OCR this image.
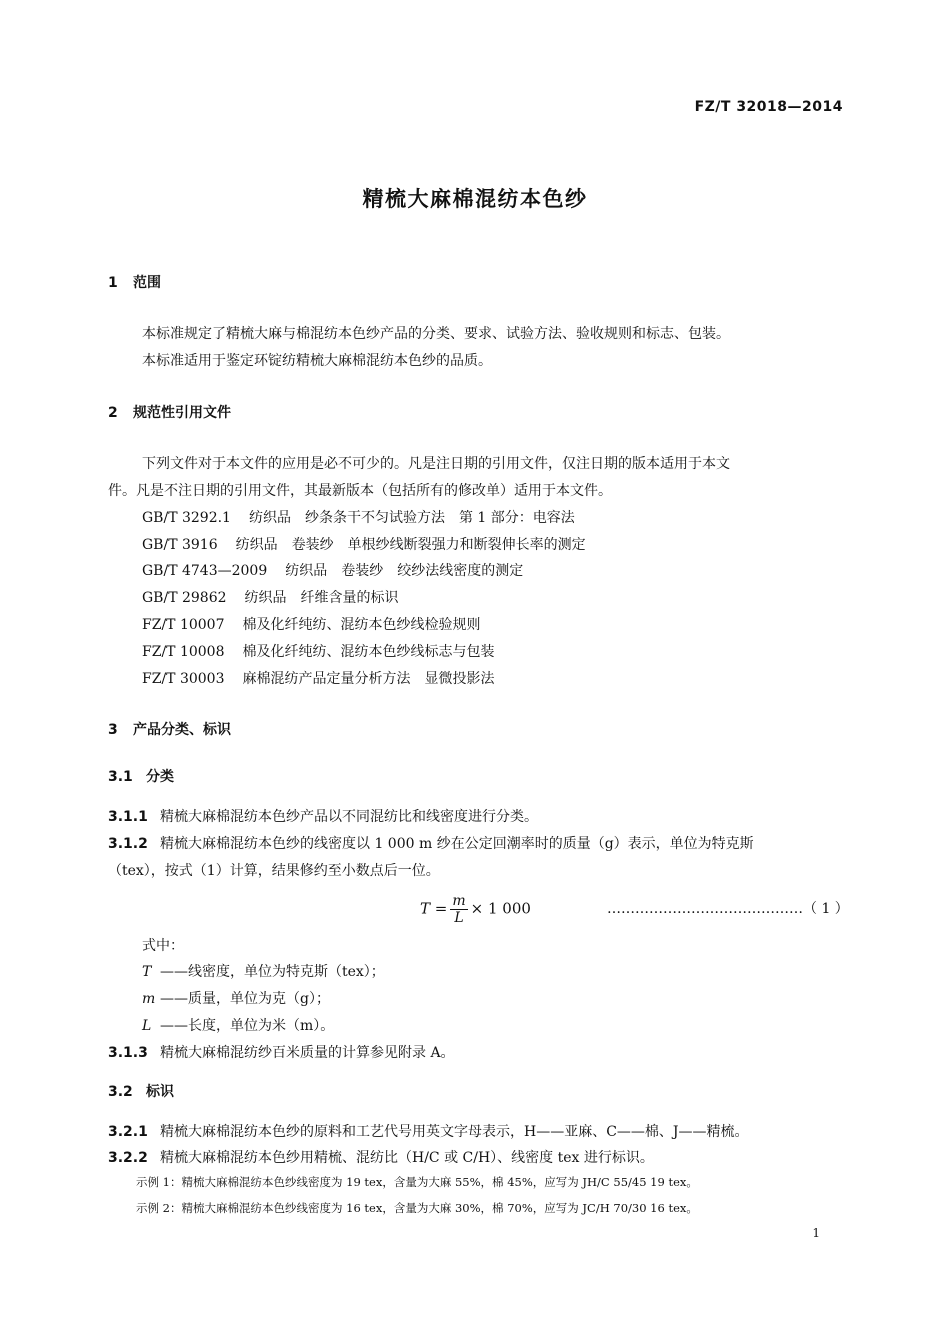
FZ/T 32018—2014
精梳大麻棉混纺本色纱
1 范围
本标准规定了精梳大麻与棉混纺本色纱产品的分类、要求、试验方法、验收规则和标志、包装。
本标准适用于鉴定环锭纺精梳大麻棉混纺本色纱的品质。
2 规范性引用文件
下列文件对于本文件的应用是必不可少的。凡是注日期的引用文件，仅注日期的版本适用于本文
件。凡是不注日期的引用文件，其最新版本（包括所有的修改单）适用于本文件。
GB/T 3292.1 纺织品　纱条条干不匀试验方法　第 1 部分：电容法
GB/T 3916 纺织品　卷装纱　单根纱线断裂强力和断裂伸长率的测定
GB/T 4743—2009 纺织品　卷装纱　绞纱法线密度的测定
GB/T 29862 纺织品　纤维含量的标识
FZ/T 10007 棉及化纤纯纺、混纺本色纱线检验规则
FZ/T 10008 棉及化纤纯纺、混纺本色纱线标志与包装
FZ/T 30003 麻棉混纺产品定量分析方法　显微投影法
3 产品分类、标识
3.1 分类
3.1.1 精梳大麻棉混纺本色纱产品以不同混纺比和线密度进行分类。
3.1.2 精梳大麻棉混纺本色纱的线密度以 1 000 m 纱在公定回潮率时的质量（g）表示，单位为特克斯
（tex），按式（1）计算，结果修约至小数点后一位。
$T = \frac{m}{L} \times 1$ 000	……………………………………（ 1 ）
式中：
T ——线密度，单位为特克斯（tex）；
m ——质量，单位为克（g）；
L ——长度，单位为米（m）。
3.1.3 精梳大麻棉混纺纱百米质量的计算参见附录 A。
3.2 标识
3.2.1 精梳大麻棉混纺本色纱的原料和工艺代号用英文字母表示，H——亚麻、C——棉、J——精梳。
3.2.2 精梳大麻棉混纺本色纱用精梳、混纺比（H/C 或 C/H）、线密度 tex 进行标识。
示例 1：精梳大麻棉混纺本色纱线密度为 19 tex，含量为大麻 55%，棉 45%，应写为 JH/C 55/45 19 tex。
示例 2：精梳大麻棉混纺本色纱线密度为 16 tex，含量为大麻 30%，棉 70%，应写为 JC/H 70/30 16 tex。
1
